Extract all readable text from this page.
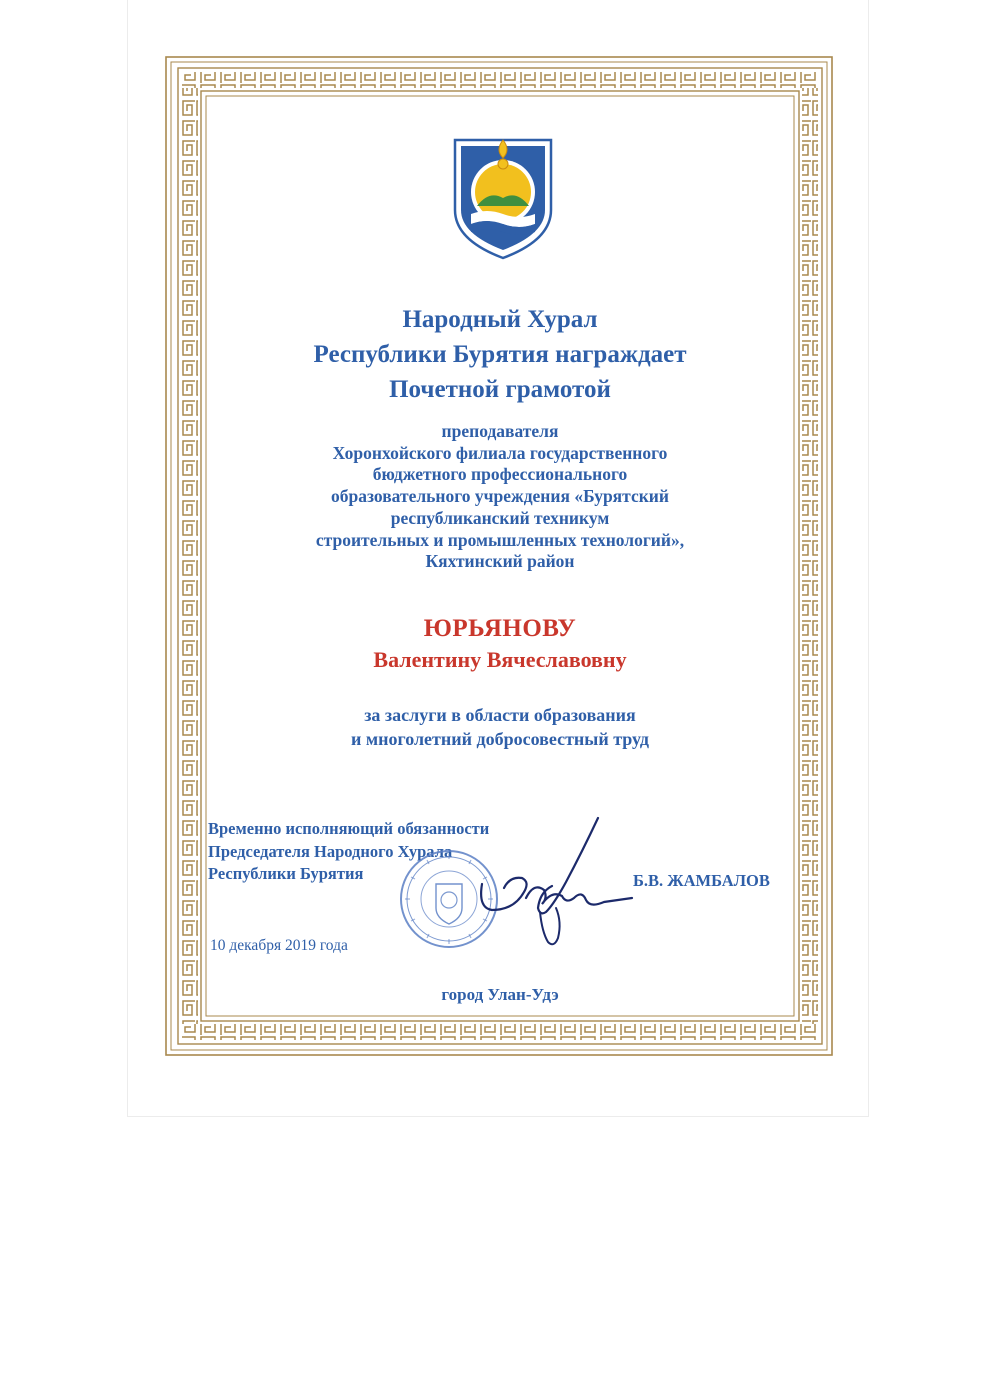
Народный Хурал
Республики Бурятия награждает
Почетной грамотой
преподавателя
Хоронхойского филиала государственного
бюджетного профессионального
образовательного учреждения «Бурятский
республиканский техникум
строительных и промышленных технологий»,
Кяхтинский район
ЮРЬЯНОВУ
Валентину Вячеславовну
за заслуги в области образования
и многолетний добросовестный труд
Временно исполняющий обязанности
Председателя Народного Хурала
Республики Бурятия	Б.В. ЖАМБАЛОВ
10 декабря 2019 года
город Улан-Удэ
